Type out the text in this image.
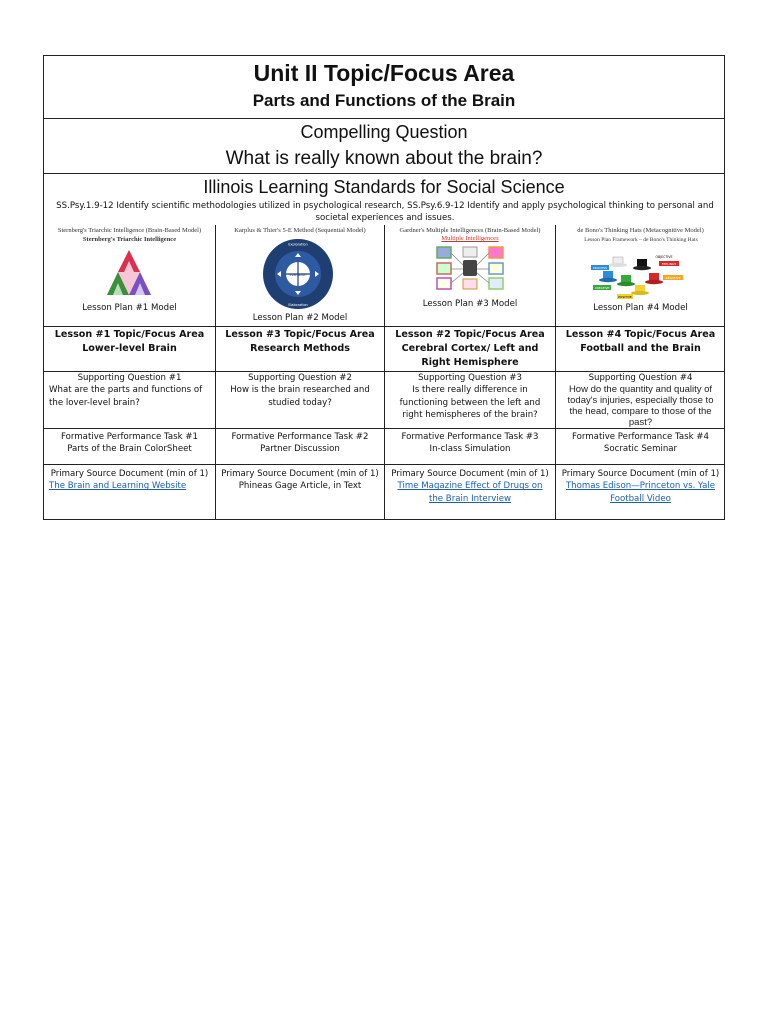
Unit II Topic/Focus Area
Parts and Functions of the Brain
Compelling Question
What is really known about the brain?
Illinois Learning Standards for Social Science
SS.Psy.1.9-12 Identify scientific methodologies utilized in psychological research, SS.Psy.6.9-12 Identify and apply psychological thinking to personal and societal experiences and issues.
Sternberg's Triarchic Intelligence (Brain-Based Model)
Sternberg's Triarchic Intelligence
Lesson Plan #1 Model
Karplus & Thier's 5-E Method (Sequential Model)
Exploration
Elaboration
Evaluation
Lesson Plan #2 Model
Gardner's Multiple Intelligences (Brain-Based Model)
Multiple Intelligences
Lesson Plan #3 Model
de Bono's Thinking Hats (Metacognitive Model)
Lesson Plan Framework – de Bono's Thinking Hats
OBJECTIVE
CREATIVE
POSITIVE
NEGATIVE
PROCESS
FEELINGS
Lesson Plan #4 Model
Lesson #1 Topic/Focus Area
Lower-level Brain
Lesson #3 Topic/Focus Area
Research Methods
Lesson #2 Topic/Focus Area
Cerebral Cortex/ Left and Right Hemisphere
Lesson #4 Topic/Focus Area
Football and the Brain
Supporting Question #1
What are the parts and functions of the lover-level brain?
Supporting Question #2
How is the brain researched and studied today?
Supporting Question #3
Is there really difference in functioning between the left and right hemispheres of the brain?
Supporting Question #4
How do the quantity and quality of today's injuries, especially those to the head, compare to those of the past?
Formative Performance Task #1
Parts of the Brain ColorSheet
Formative Performance Task #2
Partner Discussion
Formative Performance Task #3
In-class Simulation
Formative Performance Task #4
Socratic Seminar
Primary Source Document (min of 1)
The Brain and Learning Website
Primary Source Document (min of 1)
Phineas Gage Article, in Text
Primary Source Document (min of 1)
Time Magazine Effect of Drugs on the Brain Interview
Primary Source Document (min of 1)
Thomas Edison—Princeton vs. Yale Football Video
